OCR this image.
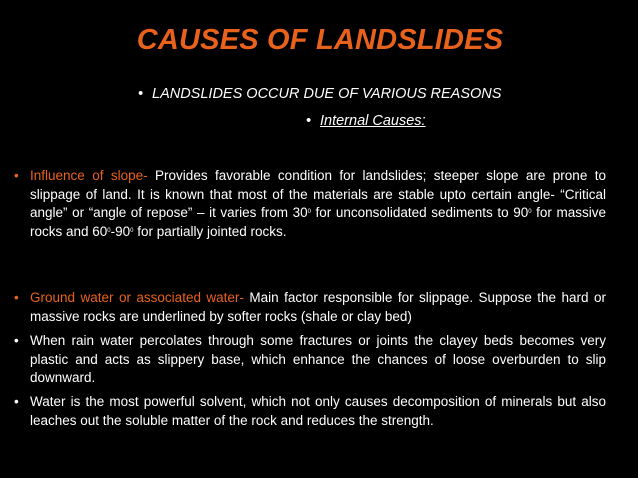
CAUSES OF LANDSLIDES
• LANDSLIDES OCCUR DUE OF VARIOUS REASONS
• Internal Causes:
• Influence of slope- Provides favorable condition for landslides; steeper slope are prone to slippage of land. It is known that most of the materials are stable upto certain angle- “Critical angle” or “angle of repose” – it varies from $30^0$ for unconsolidated sediments to $90^0$ for massive rocks and $60^0-90^0$ for partially jointed rocks.
• Ground water or associated water- Main factor responsible for slippage. Suppose the hard or massive rocks are underlined by softer rocks (shale or clay bed)
• When rain water percolates through some fractures or joints the clayey beds becomes very plastic and acts as slippery base, which enhance the chances of loose overburden to slip downward.
• Water is the most powerful solvent, which not only causes decomposition of minerals but also leaches out the soluble matter of the rock and reduces the strength.
